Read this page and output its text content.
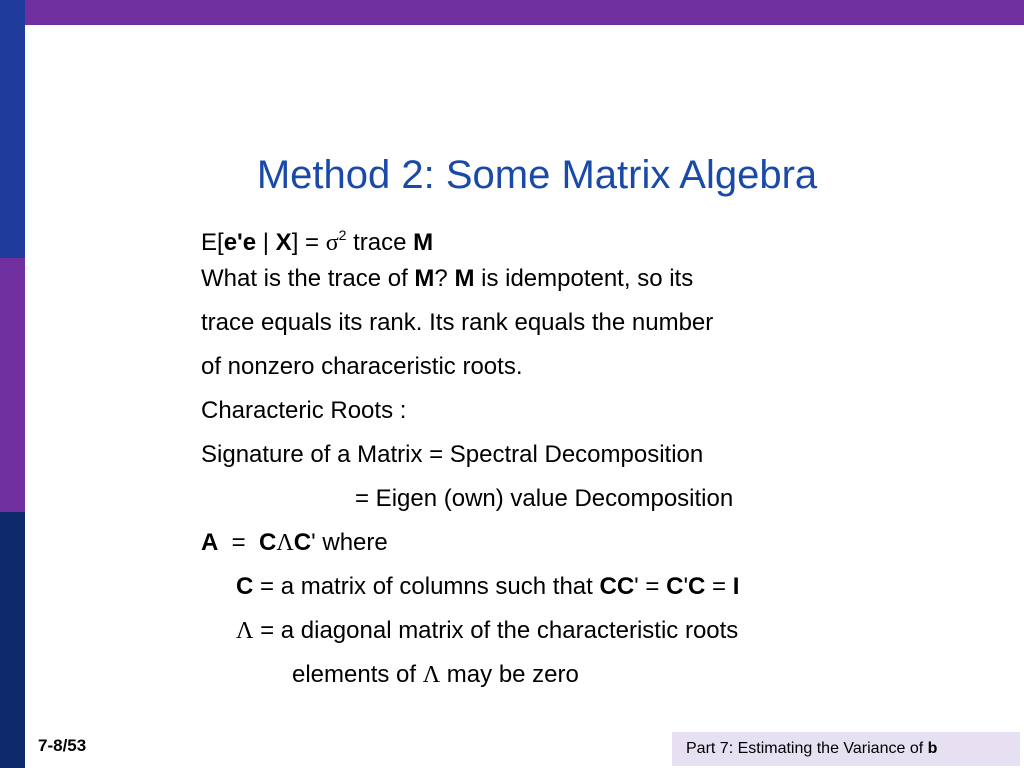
Method 2: Some Matrix Algebra
E[e'e | $X] = \sigma^2$ trace M
What is the trace of M? M is idempotent, so its
trace equals its rank. Its rank equals the number
of nonzero characeristic roots.
Characteric Roots :
Signature of a Matrix = Spectral Decomposition
= Eigen (own) value Decomposition
A  =  CΛC' where
C = a matrix of columns such that CC' = C'C = I
Λ = a diagonal matrix of the characteristic roots
elements of Λ may be zero
7-8/53	Part 7: Estimating the Variance of b
